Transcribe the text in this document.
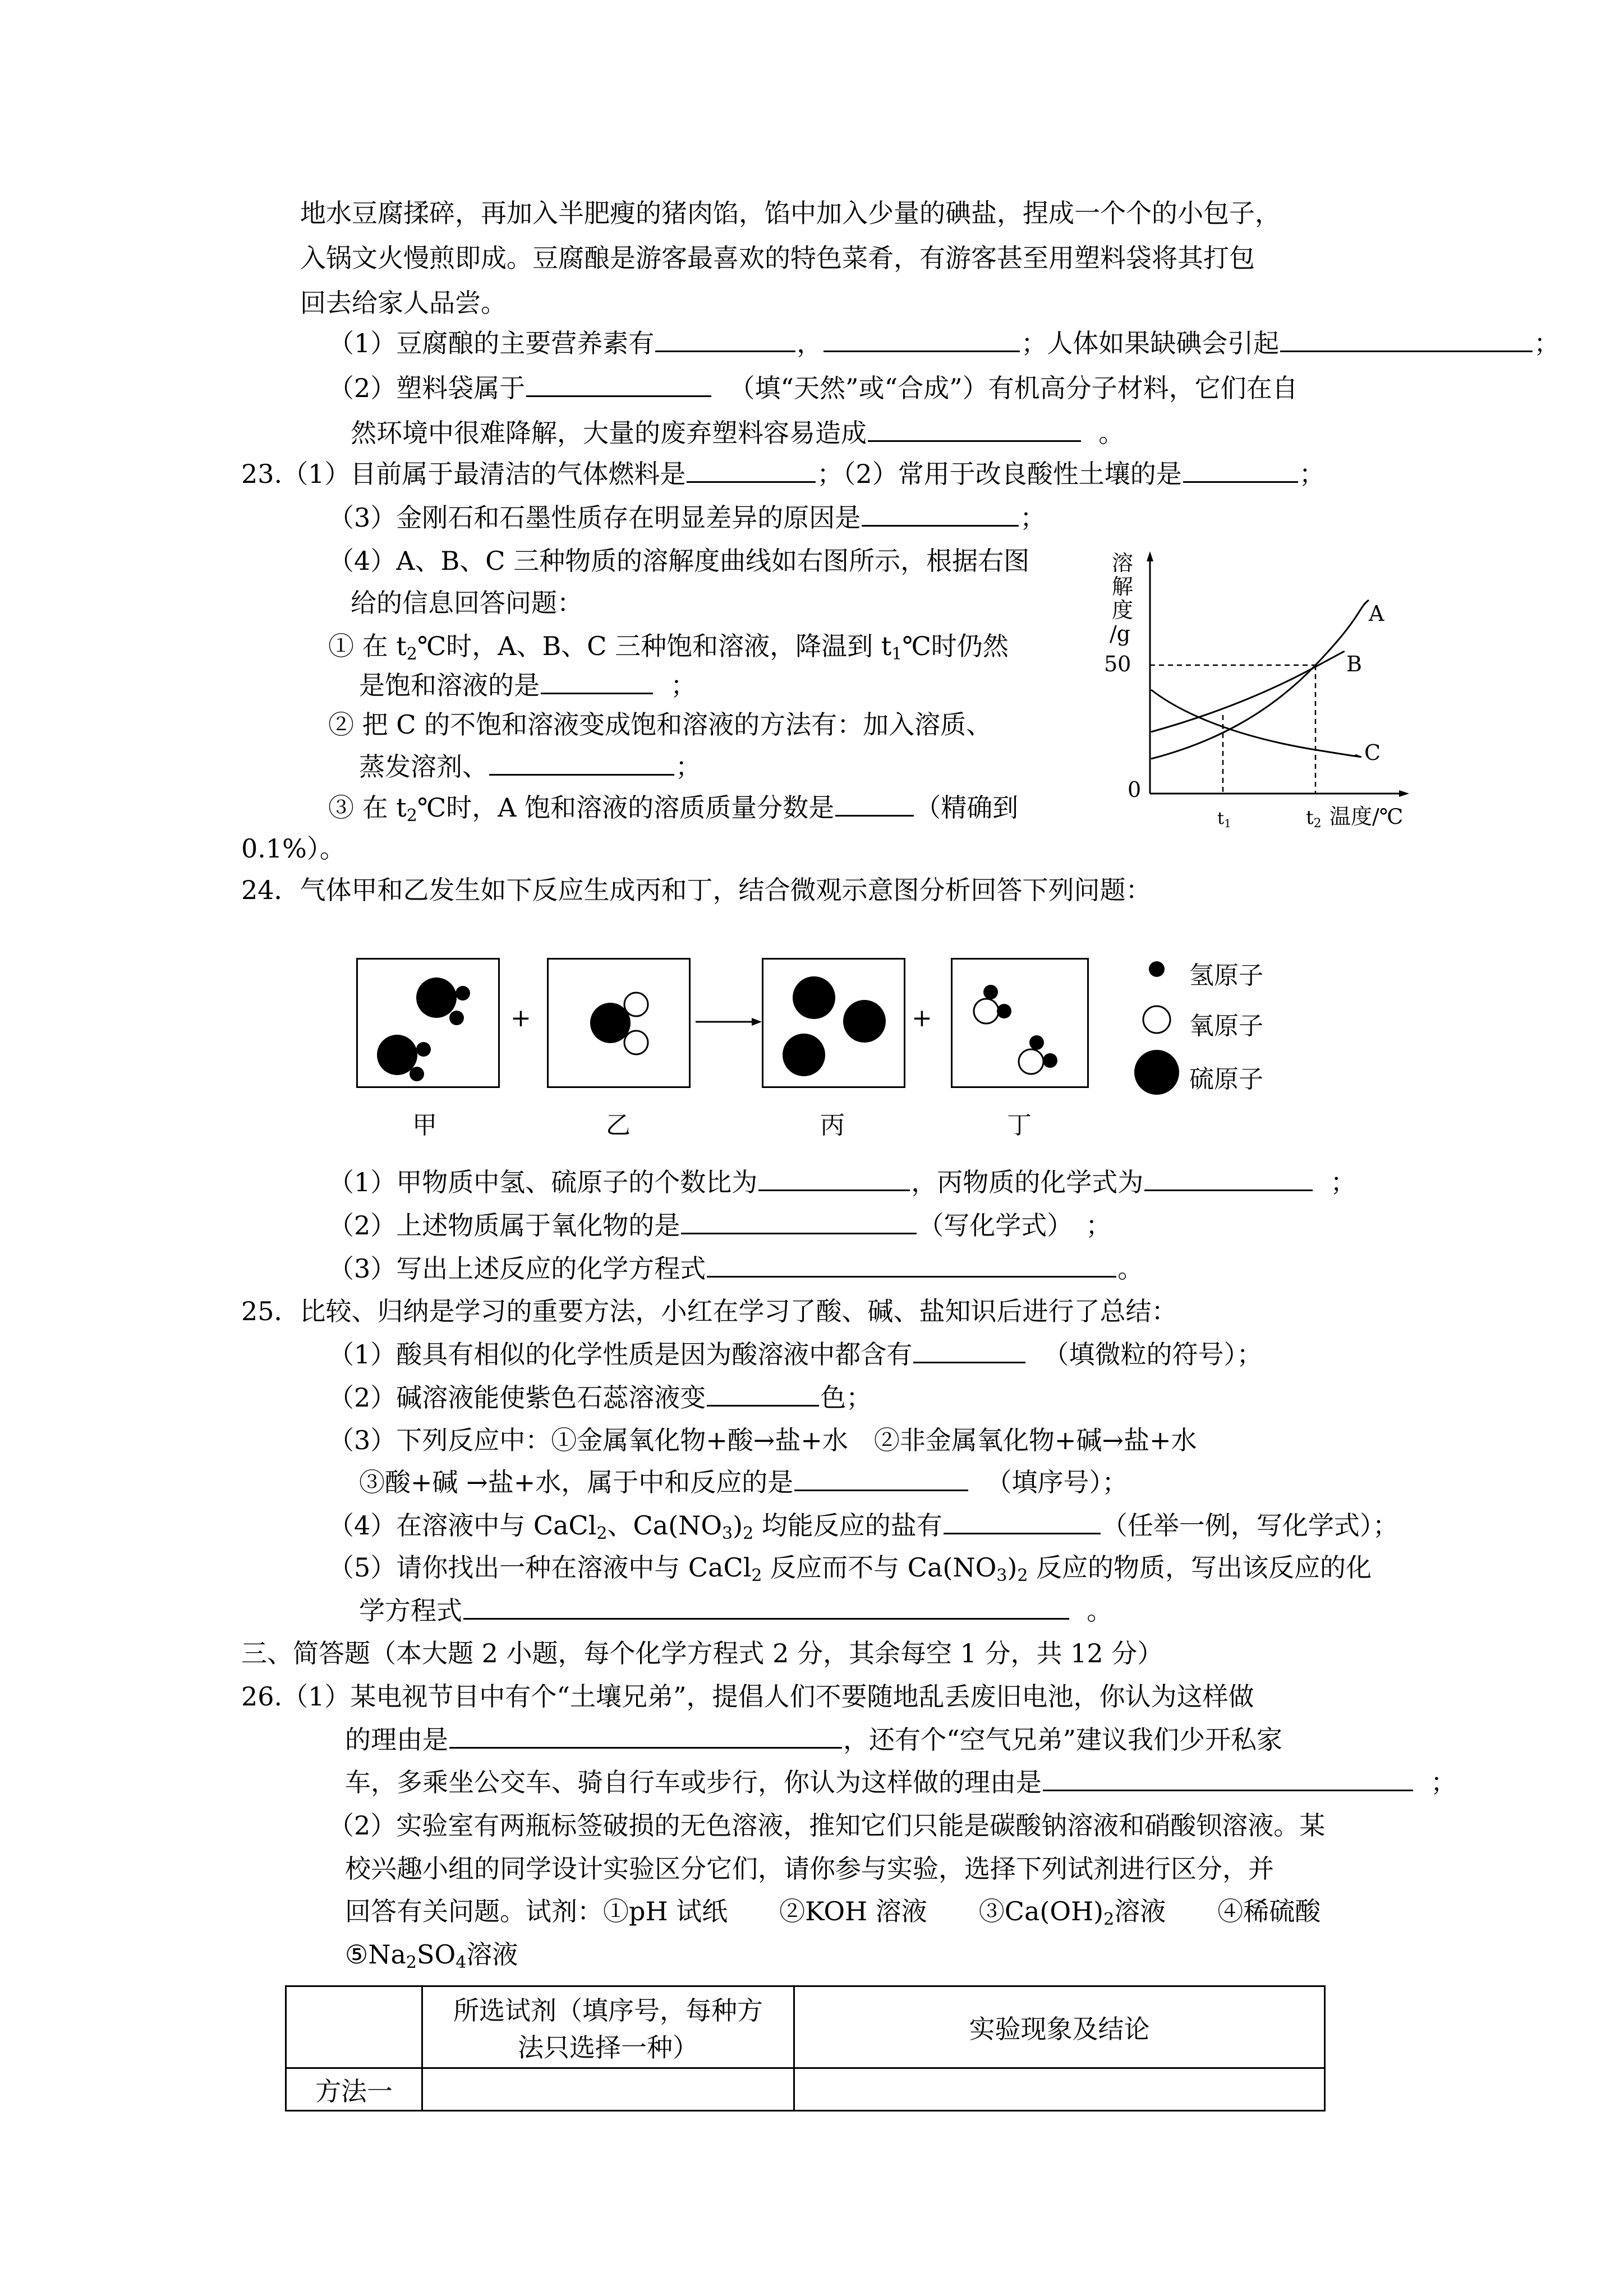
地水豆腐揉碎，再加入半肥瘦的猪肉馅，馅中加入少量的碘盐，捏成一个个的小包子，
入锅文火慢煎即成。豆腐酿是游客最喜欢的特色菜肴，有游客甚至用塑料袋将其打包
回去给家人品尝。
（1）豆腐酿的主要营养素有	，	；人体如果缺碘会引起	；
（2）塑料袋属于	（填“天然”或“合成”）有机高分子材料，它们在自
然环境中很难降解，大量的废弃塑料容易造成	。
23.（1）目前属于最清洁的气体燃料是	；（2）常用于改良酸性土壤的是	；
（3）金刚石和石墨性质存在明显差异的原因是	；
（4）A、B、C 三种物质的溶解度曲线如右图所示，根据右图
给的信息回答问题：
① 在 $t_2℃$时，A、B、C 三种饱和溶液，降温到 $t_1℃$时仍然
是饱和溶液的是	；
② 把 C 的不饱和溶液变成饱和溶液的方法有：加入溶质、
蒸发溶剂、	；
③ 在 $t_2℃$时，A 饱和溶液的溶质质量分数是	（精确到
0.1%）。
溶
解
度
/g
50
0
A
B
C
$t_1$	t2 温度/℃
24．气体甲和乙发生如下反应生成丙和丁，结合微观示意图分析回答下列问题：
+	+
甲	乙	丙	丁
氢原子
氧原子
硫原子
（1）甲物质中氢、硫原子的个数比为	，丙物质的化学式为	；
（2）上述物质属于氧化物的是	（写化学式）　；
（3）写出上述反应的化学方程式	。
25．比较、归纳是学习的重要方法，小红在学习了酸、碱、盐知识后进行了总结：
（1）酸具有相似的化学性质是因为酸溶液中都含有	（填微粒的符号）；
（2）碱溶液能使紫色石蕊溶液变	色；
（3）下列反应中：①金属氧化物+酸→盐+水　②非金属氧化物+碱→盐+水
③酸+碱 →盐+水，属于中和反应的是	（填序号）；
（4）在溶液中与 CaCl$_2$、$Ca(NO_3)_2$ 均能反应的盐有	（任举一例，写化学式）；
（5）请你找出一种在溶液中与 CaCl$_2$ 反应而不与 $Ca(NO_3)_2$ 反应的物质，写出该反应的化
学方程式	。
三、简答题（本大题 2 小题，每个化学方程式 2 分，其余每空 1 分，共 12 分）
26.（1）某电视节目中有个“土壤兄弟”，提倡人们不要随地乱丢废旧电池，你认为这样做
的理由是	，还有个“空气兄弟”建议我们少开私家
车，多乘坐公交车、骑自行车或步行，你认为这样做的理由是	；
（2）实验室有两瓶标签破损的无色溶液，推知它们只能是碳酸钠溶液和硝酸钡溶液。某
校兴趣小组的同学设计实验区分它们，请你参与实验，选择下列试剂进行区分，并
回答有关问题。试剂：①pH 试纸　　②KOH 溶液　　$③Ca(OH)_2$溶液　　④稀硫酸
$⑤Na_2SO_4$溶液

	所选试剂（填序号，每种方
法只选择一种）	实验现象及结论
方法一		
